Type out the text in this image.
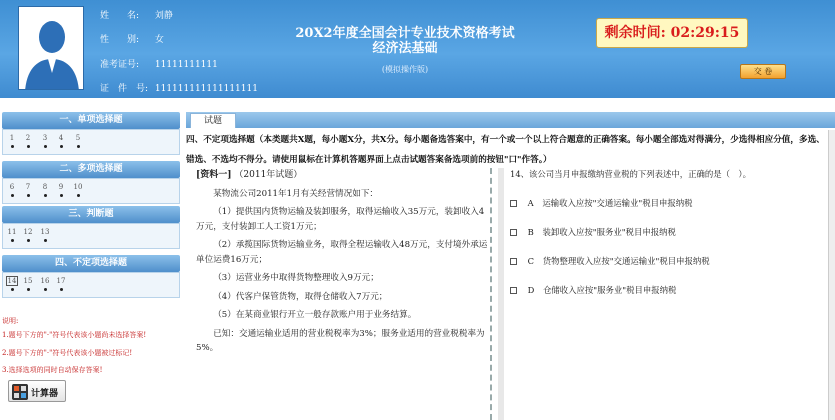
姓　　名: 刘静
性　　别: 女
准考证号: 11111111111
证　件　号: 111111111111111111
20X2年度全国会计专业技术资格考试
经济法基础
(模拟操作版)
剩余时间: 02:29:15
交 卷
一、单项选择题
1	2	3	4	5
二、多项选择题
6	7	8	9	10
三、判断题
11	12	13
四、不定项选择题
14	15	16	17
说明:
1.题号下方的"·"符号代表该小题尚未选择答案!
2.题号下方的"·"符号代表该小题被过标记!
3.选择选项的同时自动保存答案!
计算器
试题
四、不定项选择题（本类题共X题，每小题X分，共X分。每小题备选答案中，有一个或一个以上符合题意的正确答案。每小题全部选对得满分，少选得相应分值，多选、错选、不选均不得分。请使用鼠标在计算机答题界面上点击试题答案备选项前的按钮"口"作答。）
[资料一] （2011年试题）
某物流公司2011年1月有关经营情况如下：
（1）提供国内货物运输及装卸服务，取得运输收入35万元，装卸收入4万元，支付装卸工人工资1万元；
（2）承揽国际货物运输业务，取得全程运输收入48万元，支付境外承运单位运费16万元；
（3）运营业务中取得货物整理收入9万元；
（4）代客户保管货物，取得仓储收入7万元；
（5）在某商业银行开立一般存款账户用于业务结算。
已知：交通运输业适用的营业税税率为3%；服务业适用的营业税税率为5%。
14、该公司当月申报缴纳营业税的下列表述中，正确的是（　）。
A 运输收入应按"交通运输业"税目申报纳税
B 装卸收入应按"服务业"税目申报纳税
C 货物整理收入应按"交通运输业"税目申报纳税
D 仓储收入应按"服务业"税目申报纳税
